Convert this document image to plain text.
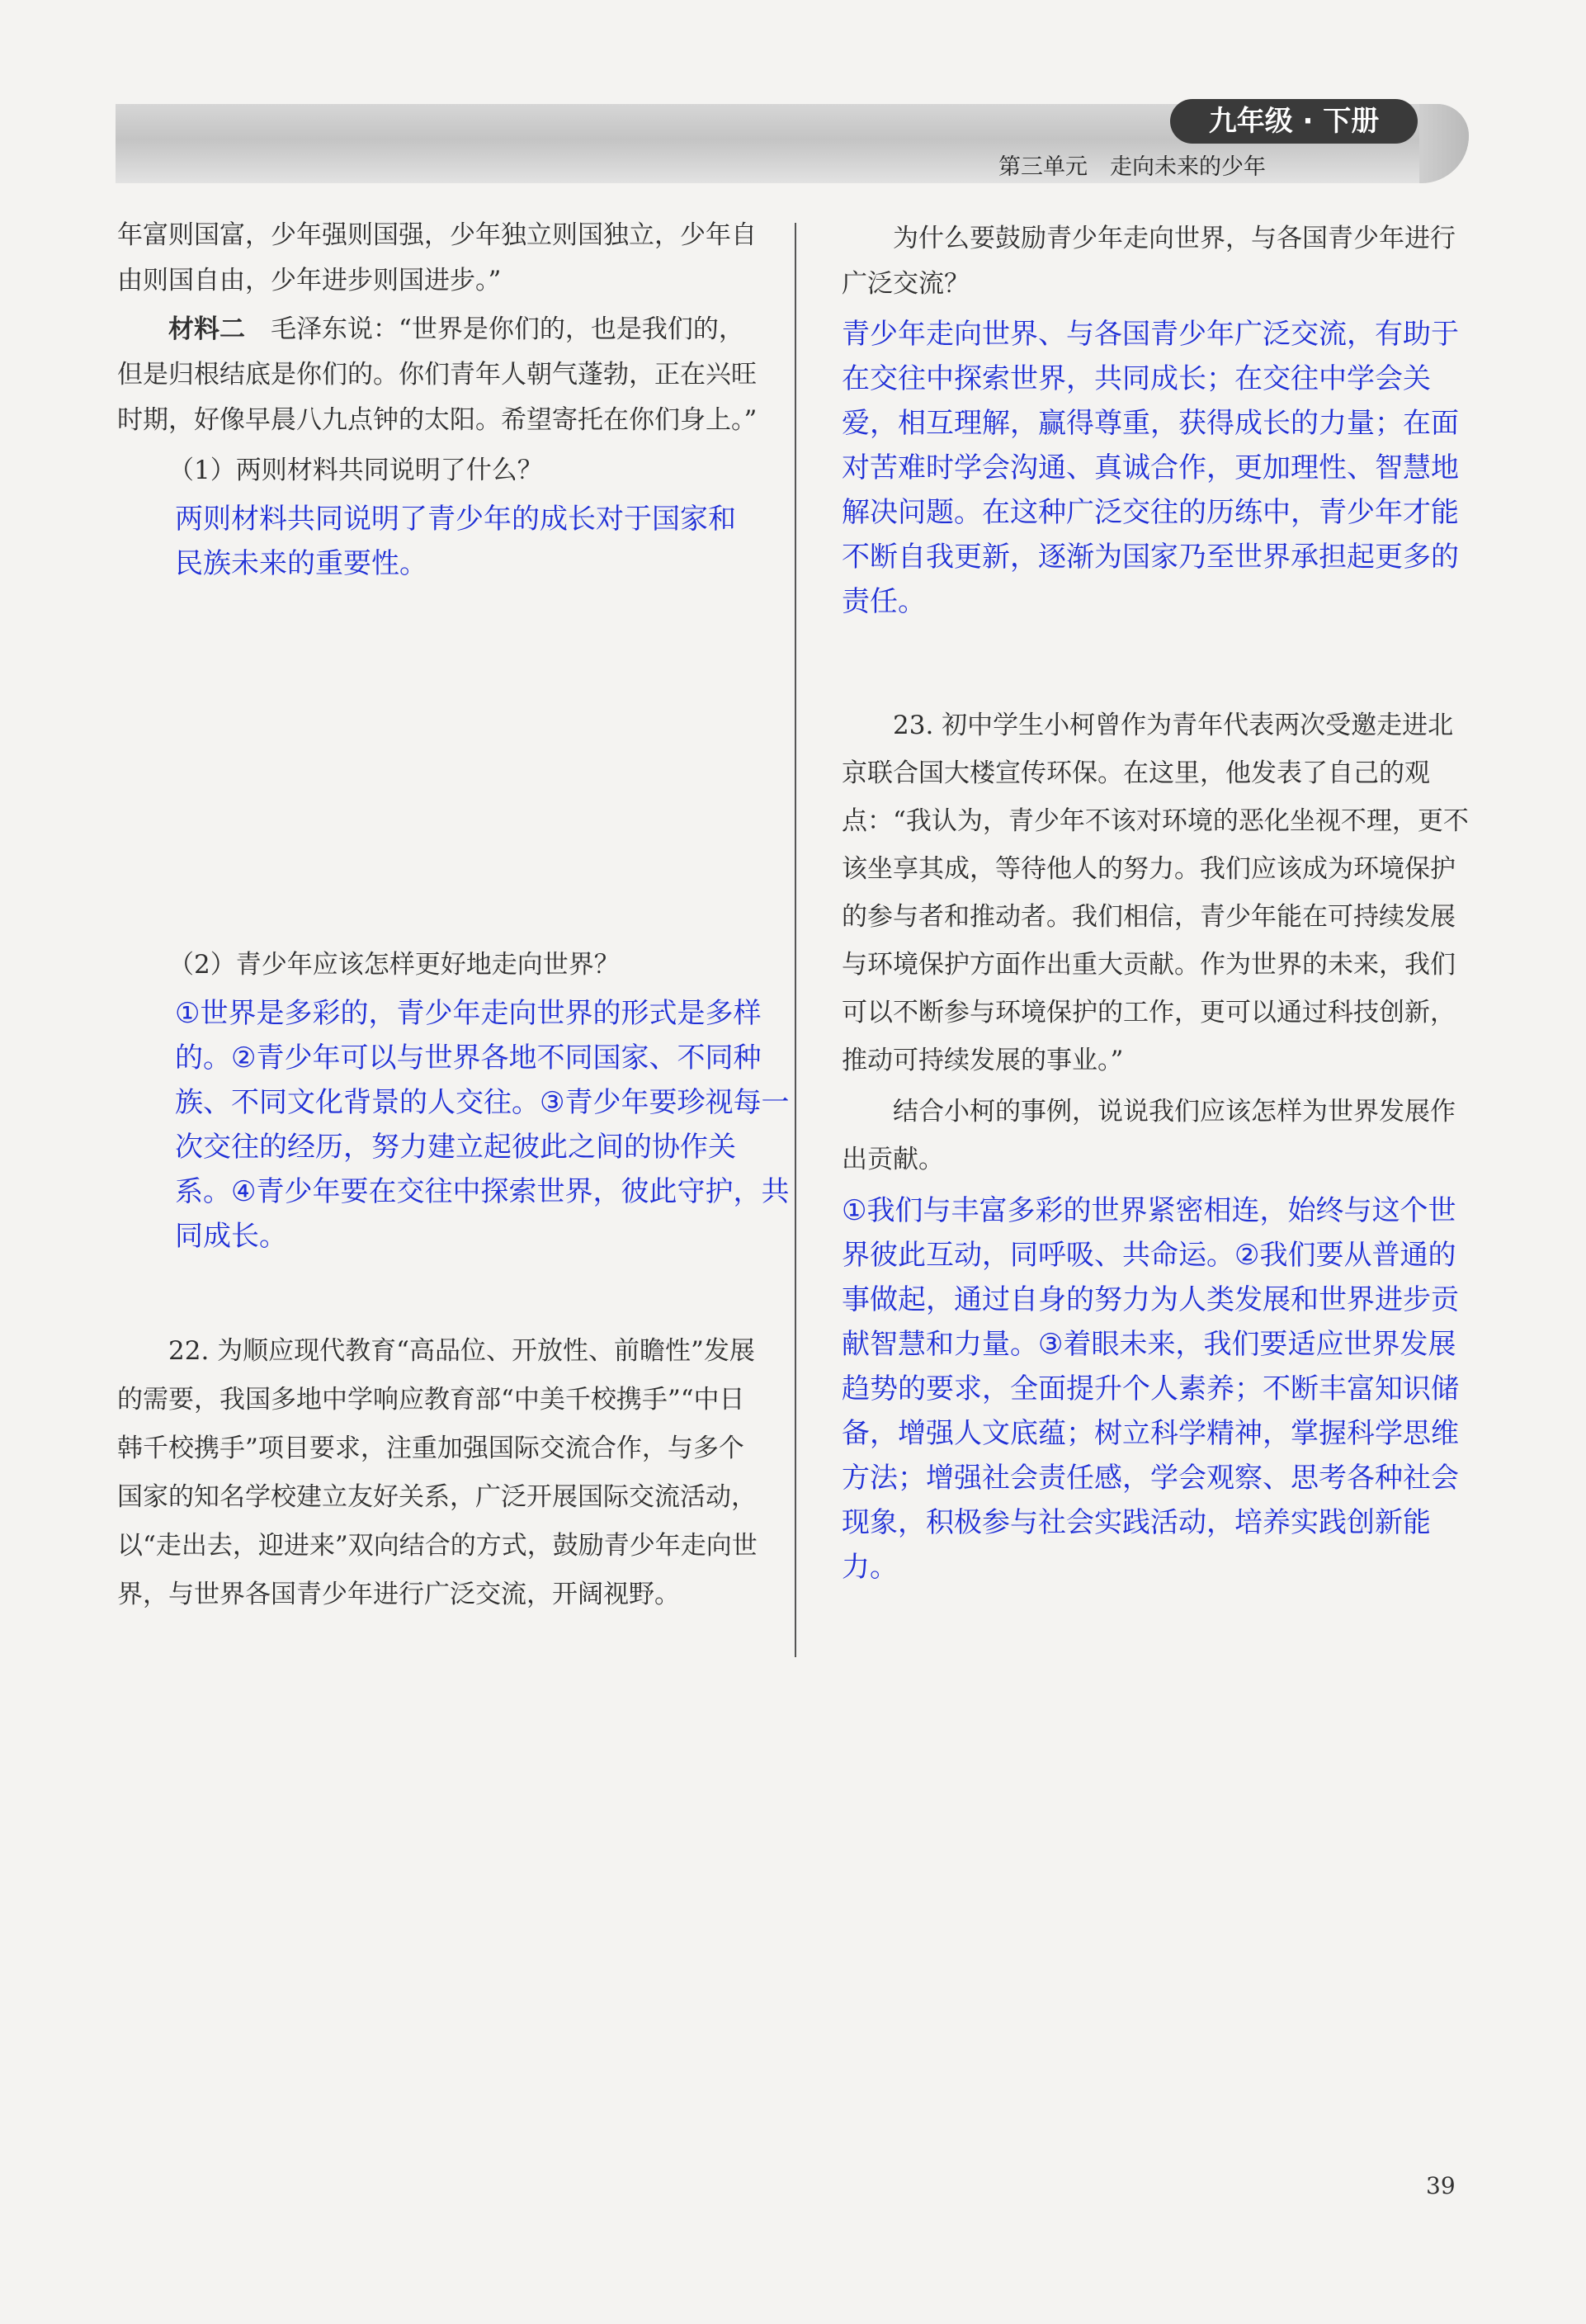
九年级 · 下册
第三单元　走向未来的少年

年富则国富，少年强则国强，少年独立则国独立，少年自由则国自由，少年进步则国进步。”

材料二　 毛泽东说：“世界是你们的，也是我们的，但是归根结底是你们的。你们青年人朝气蓬勃，正在兴旺时期，好像早晨八九点钟的太阳。希望寄托在你们身上。”

（1）两则材料共同说明了什么？

两则材料共同说明了青少年的成长对于国家和民族未来的重要性。

（2）青少年应该怎样更好地走向世界？

①世界是多彩的，青少年走向世界的形式是多样的。②青少年可以与世界各地不同国家、不同种族、不同文化背景的人交往。③青少年要珍视每一次交往的经历，努力建立起彼此之间的协作关系。④青少年要在交往中探索世界，彼此守护，共同成长。

22. 为顺应现代教育“高品位、开放性、前瞻性”发展的需要，我国多地中学响应教育部“中美千校携手”“中日韩千校携手”项目要求，注重加强国际交流合作，与多个国家的知名学校建立友好关系，广泛开展国际交流活动，以“走出去，迎进来”双向结合的方式，鼓励青少年走向世界，与世界各国青少年进行广泛交流，开阔视野。

为什么要鼓励青少年走向世界，与各国青少年进行广泛交流？

青少年走向世界、与各国青少年广泛交流，有助于在交往中探索世界，共同成长；在交往中学会关爱，相互理解，赢得尊重，获得成长的力量；在面对苦难时学会沟通、真诚合作，更加理性、智慧地解决问题。在这种广泛交往的历练中，青少年才能不断自我更新，逐渐为国家乃至世界承担起更多的责任。

23. 初中学生小柯曾作为青年代表两次受邀走进北京联合国大楼宣传环保。在这里，他发表了自己的观点：“我认为，青少年不该对环境的恶化坐视不理，更不该坐享其成，等待他人的努力。我们应该成为环境保护的参与者和推动者。我们相信，青少年能在可持续发展与环境保护方面作出重大贡献。作为世界的未来，我们可以不断参与环境保护的工作，更可以通过科技创新，推动可持续发展的事业。”

结合小柯的事例，说说我们应该怎样为世界发展作出贡献。

①我们与丰富多彩的世界紧密相连，始终与这个世界彼此互动，同呼吸、共命运。②我们要从普通的事做起，通过自身的努力为人类发展和世界进步贡献智慧和力量。③着眼未来，我们要适应世界发展趋势的要求，全面提升个人素养；不断丰富知识储备，增强人文底蕴；树立科学精神，掌握科学思维方法；增强社会责任感，学会观察、思考各种社会现象，积极参与社会实践活动，培养实践创新能力。

39
